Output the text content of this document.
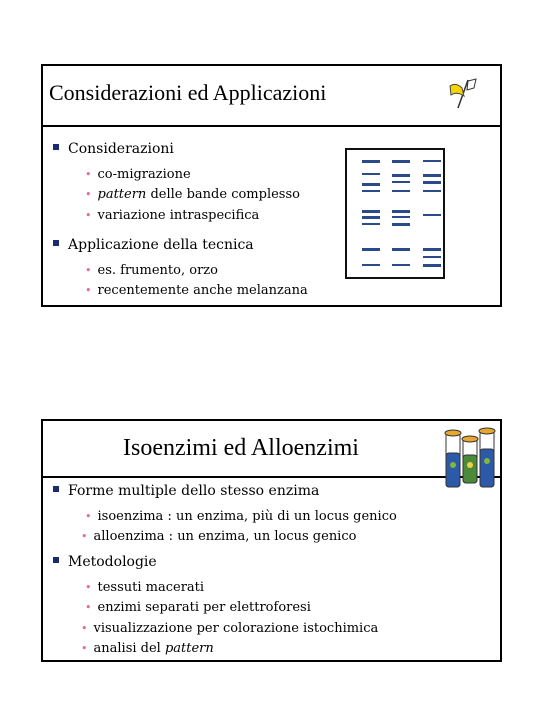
Considerazioni ed Applicazioni
Considerazioni
• co-migrazione
• pattern delle bande complesso
• variazione intraspecifica
Applicazione della tecnica
• es. frumento, orzo
• recentemente anche melanzana
Isoenzimi ed Alloenzimi
Forme multiple dello stesso enzima
• isoenzima : un enzima, più di un locus genico
• alloenzima : un enzima, un locus genico
Metodologie
• tessuti macerati
• enzimi separati per elettroforesi
• visualizzazione per colorazione istochimica
• analisi del pattern
